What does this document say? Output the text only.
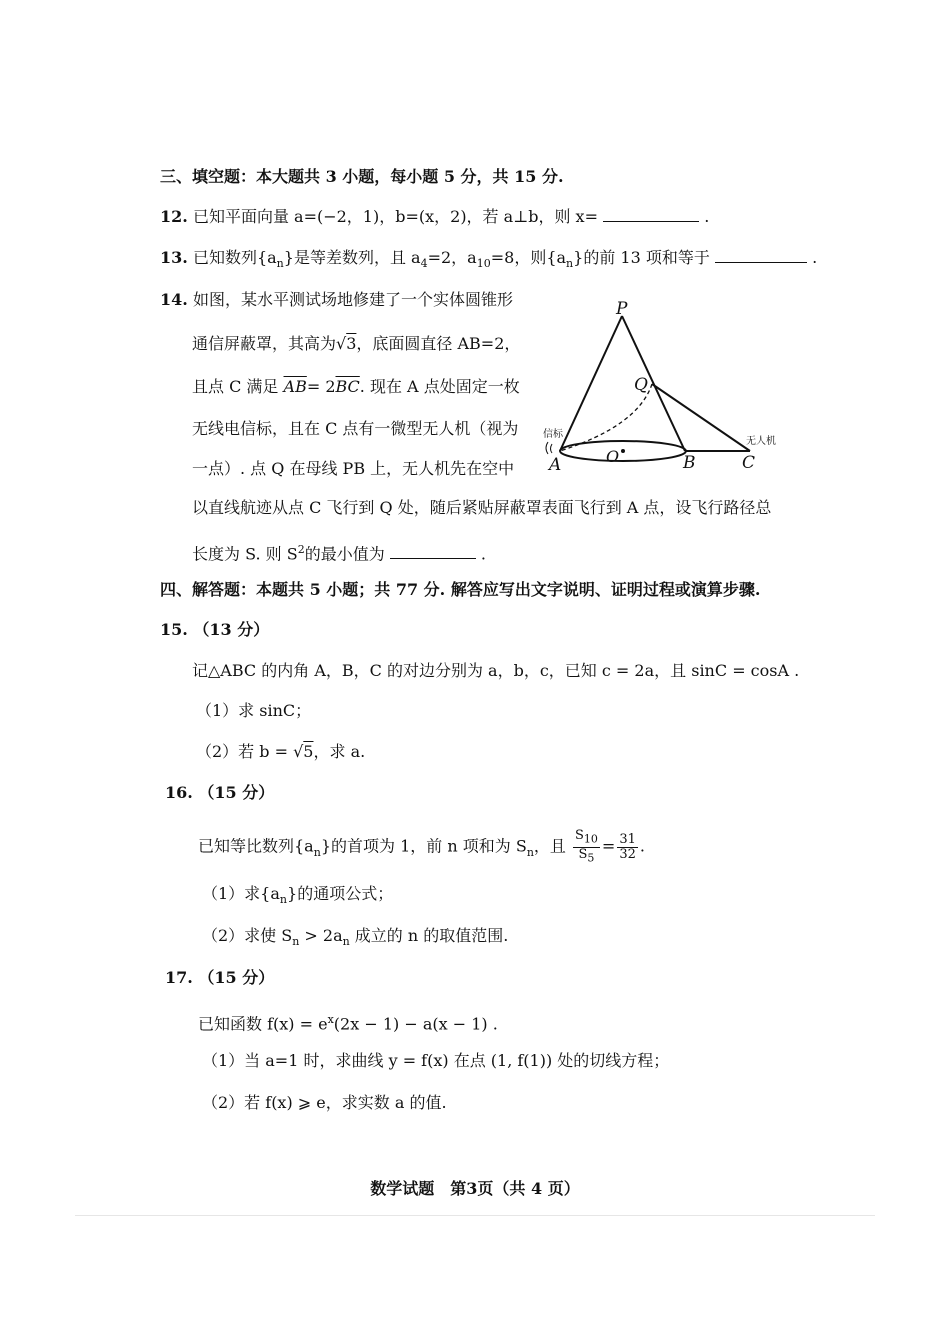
三、填空题：本大题共 3 小题，每小题 5 分，共 15 分.
12. 已知平面向量 a=(−2，1)，b=(x，2)，若 a⊥b，则 x=	.
13. 已知数列$\{a_n\}$是等差数列，且 $a_4=2$，$a_{10}=8$，则$\{a_n\}$的前 13 项和等于	.
14. 如图，某水平测试场地修建了一个实体圆锥形
通信屏蔽罩，其高为√3，底面圆直径 AB=2，
且点 C 满足 $\overline{AB}= 2\overline{BC}$. 现在 A 点处固定一枚
无线电信标，且在 C 点有一微型无人机（视为
一点）. 点 Q 在母线 PB 上，无人机先在空中
以直线航迹从点 C 飞行到 Q 处，随后紧贴屏蔽罩表面飞行到 A 点，设飞行路径总
长度为 S. 则 $S^2$的最小值为	.
P
Q
A	O	B	C
信标
无人机
四、解答题：本题共 5 小题；共 77 分. 解答应写出文字说明、证明过程或演算步骤.
15. （13 分）
记△ABC 的内角 A，B，C 的对边分别为 a，b，c，已知 c = 2a，且 sinC = cosA .
（1）求 sinC；
（2）若 b = √5，求 a.
16. （15 分）
已知等比数列$\{a_n\}$的首项为 1，前 n 项和为 $S_n$，且 $\frac{S_{10}}{S_5} = \frac{31}{32}$ .
（1）求$\{a_n\}$的通项公式；
（2）求使 $S_n > 2a_n$ 成立的 n 的取值范围.
17. （15 分）
已知函数 $f(x) = e^x(2x - 1) - a(x - 1)$ .
（1）当 a=1 时，求曲线 y = f(x) 在点 (1, f(1)) 处的切线方程；
（2）若 f(x) ⩾ e，求实数 a 的值.
数学试题　第3页（共 4 页）
